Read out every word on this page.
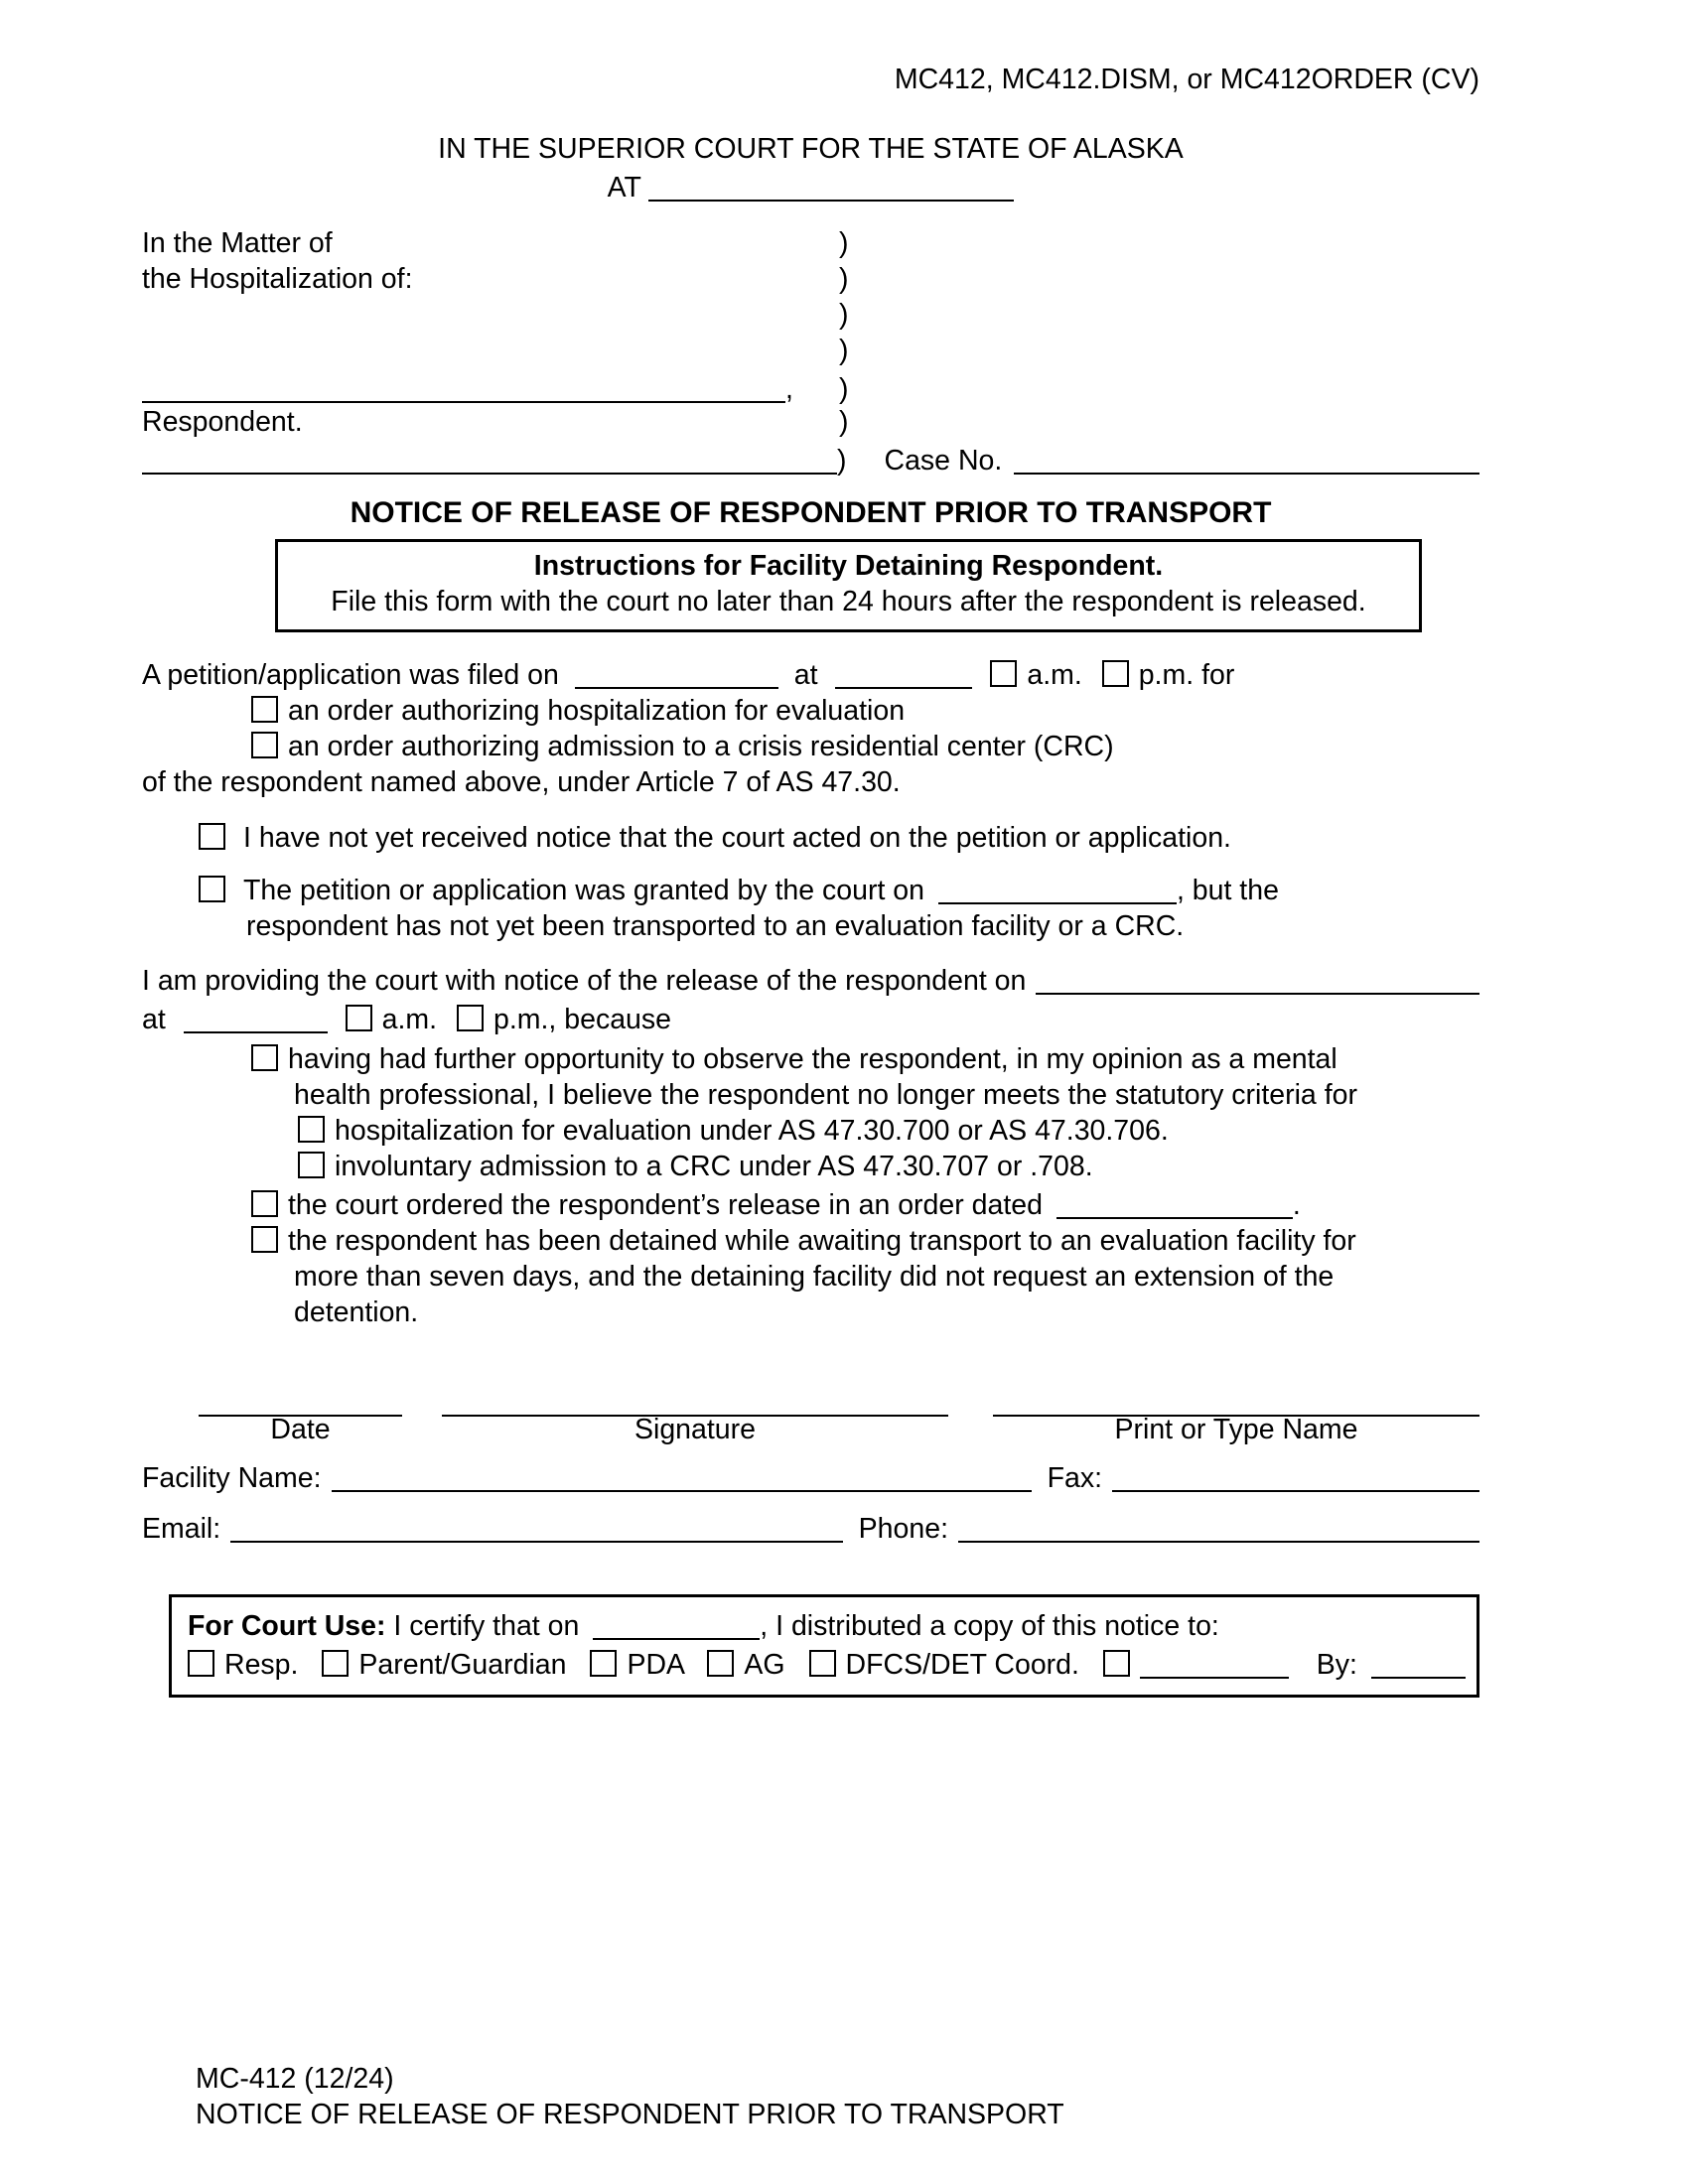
MC412, MC412.DISM, or MC412ORDER (CV)
IN THE SUPERIOR COURT FOR THE STATE OF ALASKA
AT
In the Matter of	)
the Hospitalization of:	)
)
)
,	)
Respondent.	)
) Case No.
NOTICE OF RELEASE OF RESPONDENT PRIOR TO TRANSPORT
Instructions for Facility Detaining Respondent.
File this form with the court no later than 24 hours after the respondent is released.
A petition/application was filed on	at	a.m. p.m. for
an order authorizing hospitalization for evaluation
an order authorizing admission to a crisis residential center (CRC)
of the respondent named above, under Article 7 of AS 47.30.
I have not yet received notice that the court acted on the petition or application.
The petition or application was granted by the court on	, but the
respondent has not yet been transported to an evaluation facility or a CRC.
I am providing the court with notice of the release of the respondent on
at	a.m. p.m., because
having had further opportunity to observe the respondent, in my opinion as a mental
health professional, I believe the respondent no longer meets the statutory criteria for
hospitalization for evaluation under AS 47.30.700 or AS 47.30.706.
involuntary admission to a CRC under AS 47.30.707 or .708.
the court ordered the respondent’s release in an order dated	.
the respondent has been detained while awaiting transport to an evaluation facility for
more than seven days, and the detaining facility did not request an extension of the
detention.
Date	Signature	Print or Type Name
Facility Name:	Fax:
Email:	Phone:
For Court Use: I certify that on	, I distributed a copy of this notice to:
Resp. Parent/Guardian PDA AG DFCS/DET Coord.	By:
MC-412 (12/24)
NOTICE OF RELEASE OF RESPONDENT PRIOR TO TRANSPORT
